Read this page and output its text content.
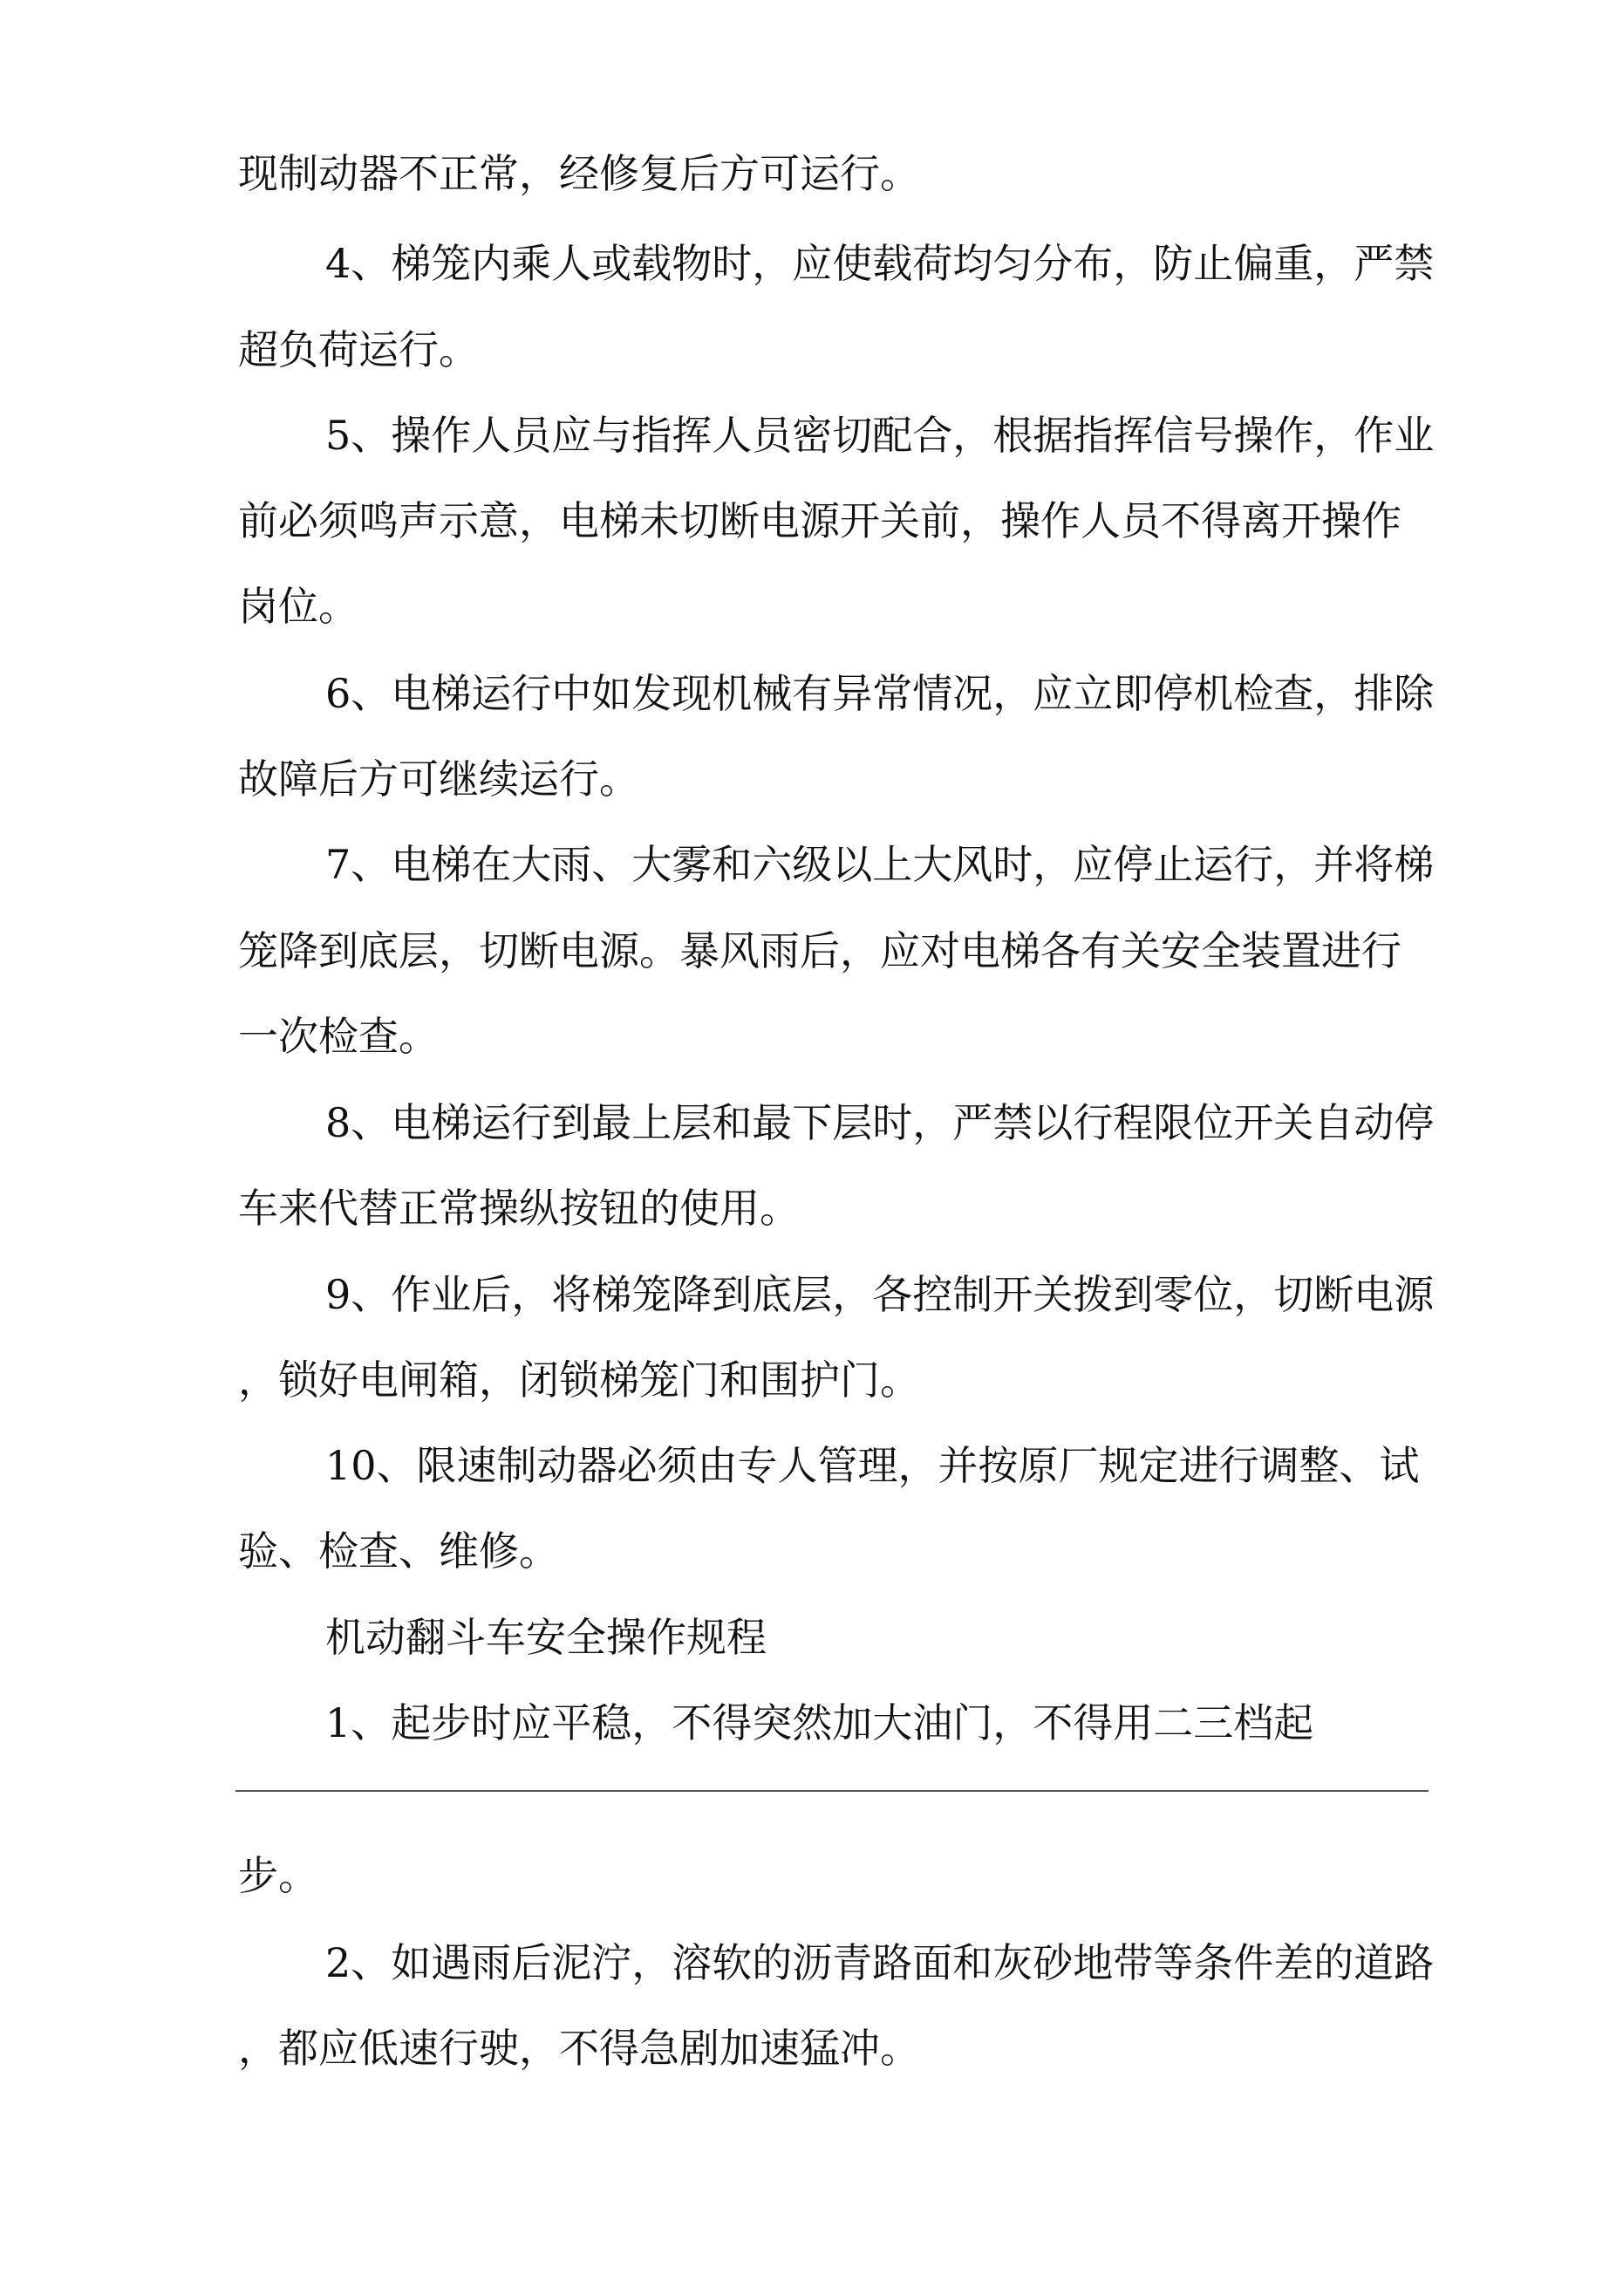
现制动器不正常，经修复后方可运行。
4、梯笼内乘人或载物时，应使载荷均匀分布，防止偏重，严禁
超负荷运行。
5、操作人员应与指挥人员密切配合，根据指挥信号操作，作业
前必须鸣声示意，电梯未切断电源开关前，操作人员不得离开操作
岗位。
6、电梯运行中如发现机械有异常情况，应立即停机检查，排除
故障后方可继续运行。
7、电梯在大雨、大雾和六级以上大风时，应停止运行，并将梯
笼降到底层，切断电源。暴风雨后，应对电梯各有关安全装置进行
一次检查。
8、电梯运行到最上层和最下层时，严禁以行程限位开关自动停
车来代替正常操纵按钮的使用。
9、作业后，将梯笼降到底层，各控制开关拨到零位，切断电源
，锁好电闸箱，闭锁梯笼门和围护门。
10、限速制动器必须由专人管理，并按原厂规定进行调整、试
验、检查、维修。
机动翻斗车安全操作规程
1、起步时应平稳，不得突然加大油门，不得用二三档起
步。
2、如遇雨后泥泞，溶软的沥青路面和灰砂地带等条件差的道路
，都应低速行驶，不得急剧加速猛冲。
